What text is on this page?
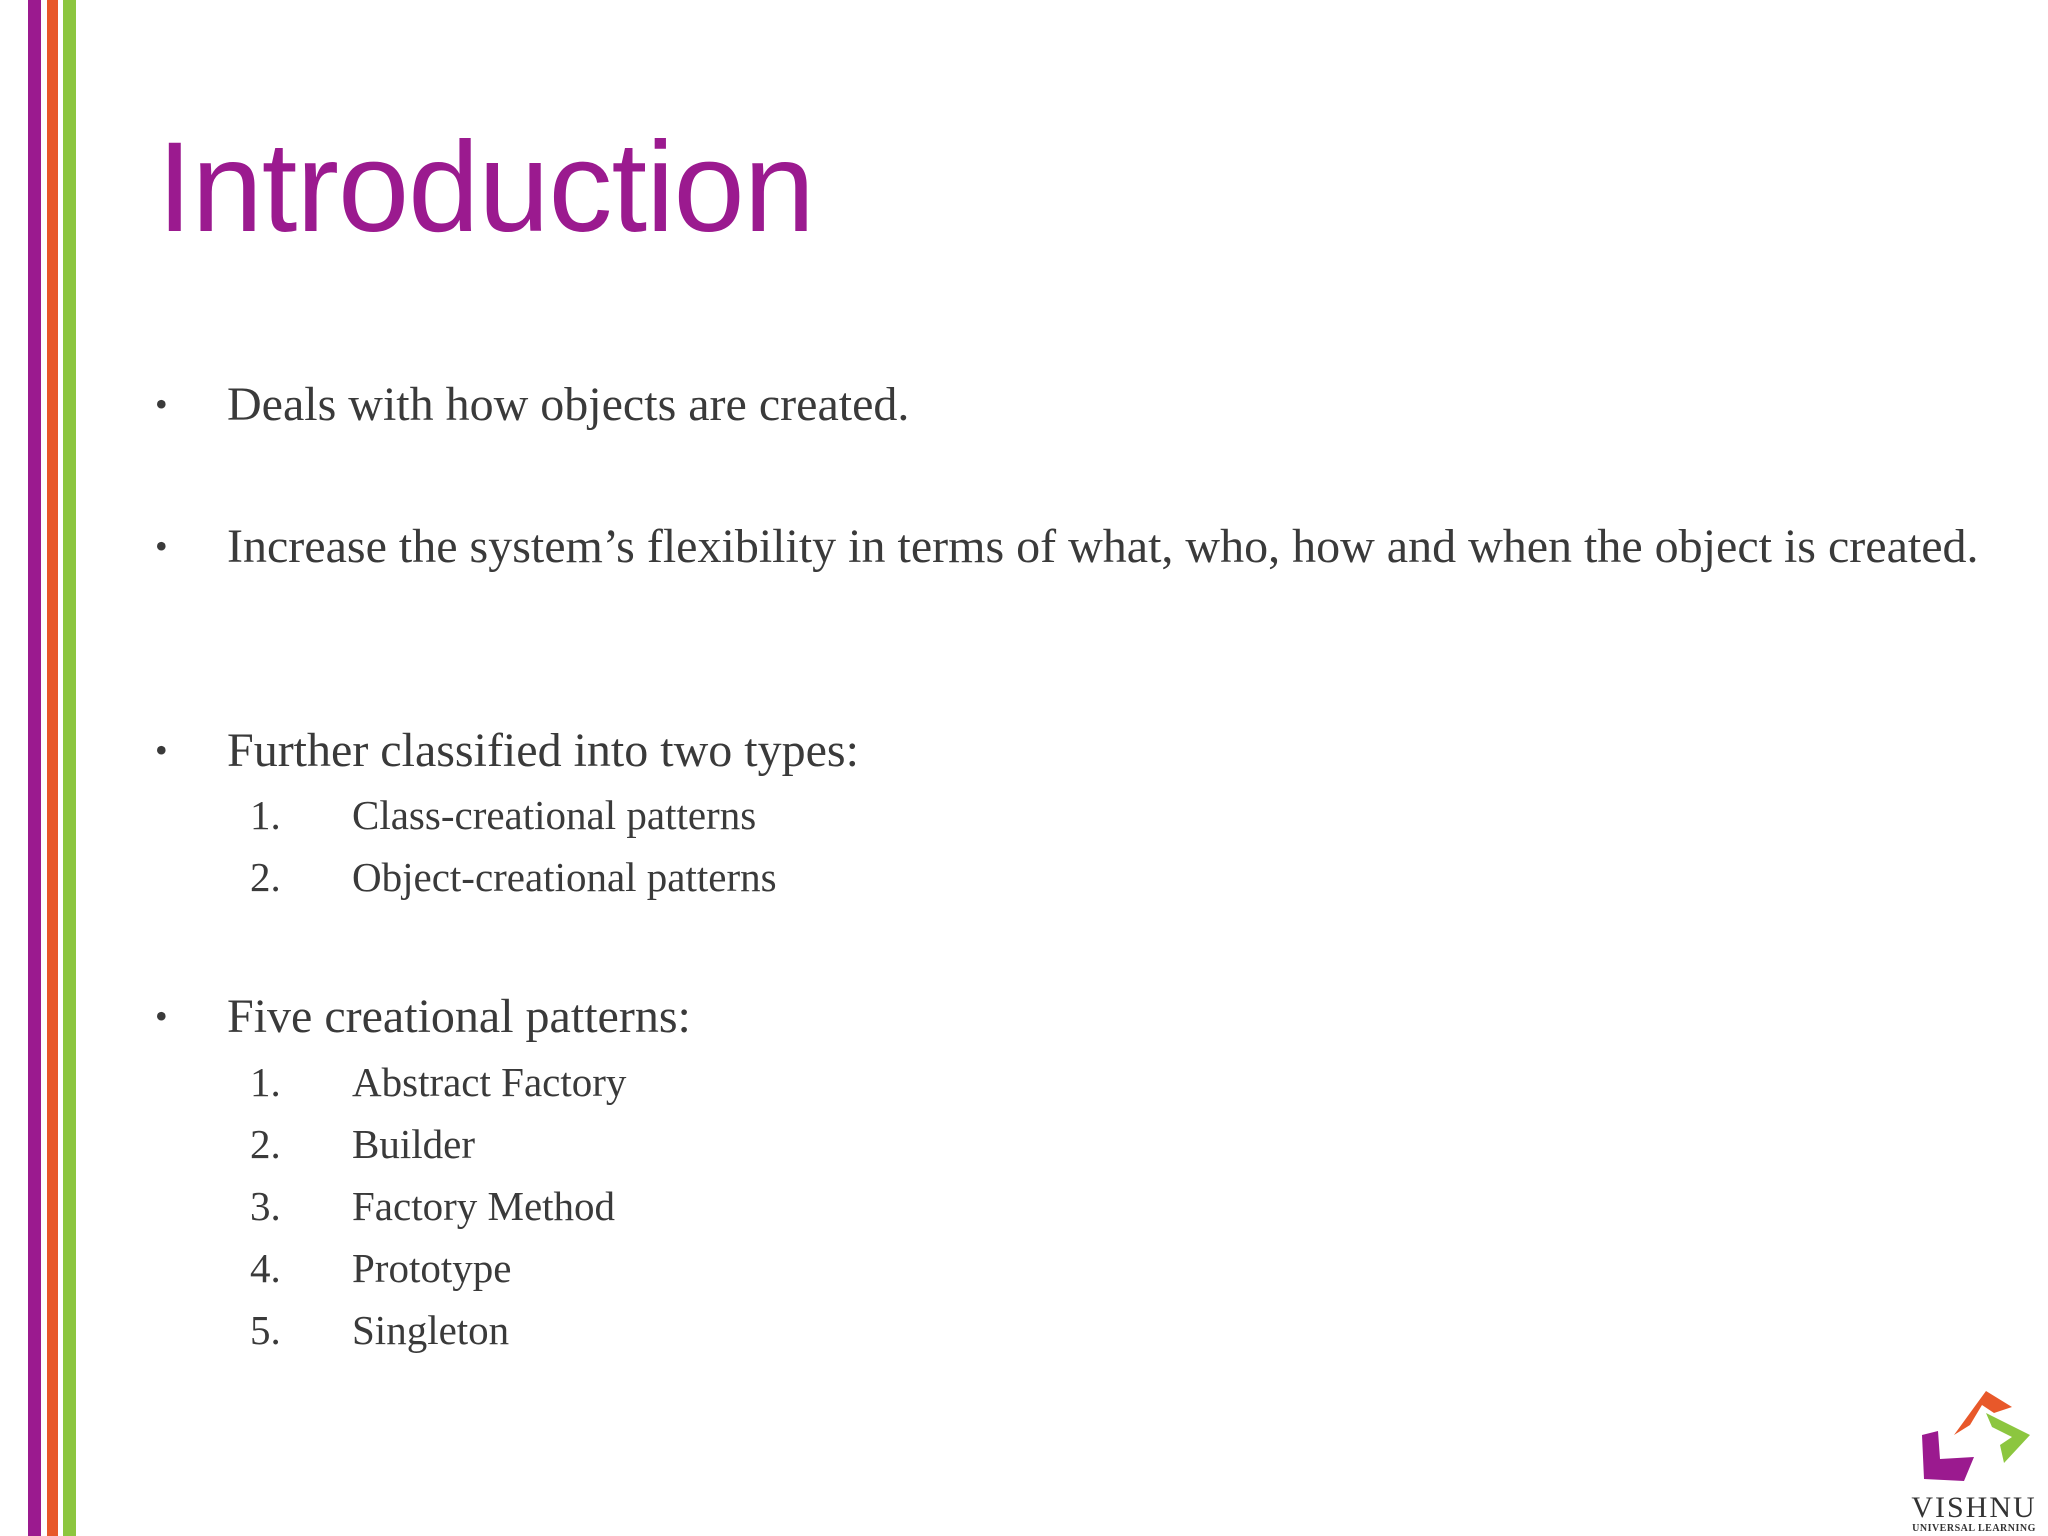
Introduction
• Deals with how objects are created.
• Increase the system’s flexibility in terms of what, who, how and when the object is created.
• Further classified into two types:
1. Class-creational patterns
2. Object-creational patterns
• Five creational patterns:
1. Abstract Factory
2. Builder
3. Factory Method
4. Prototype
5. Singleton
VISHNU
UNIVERSAL LEARNING
